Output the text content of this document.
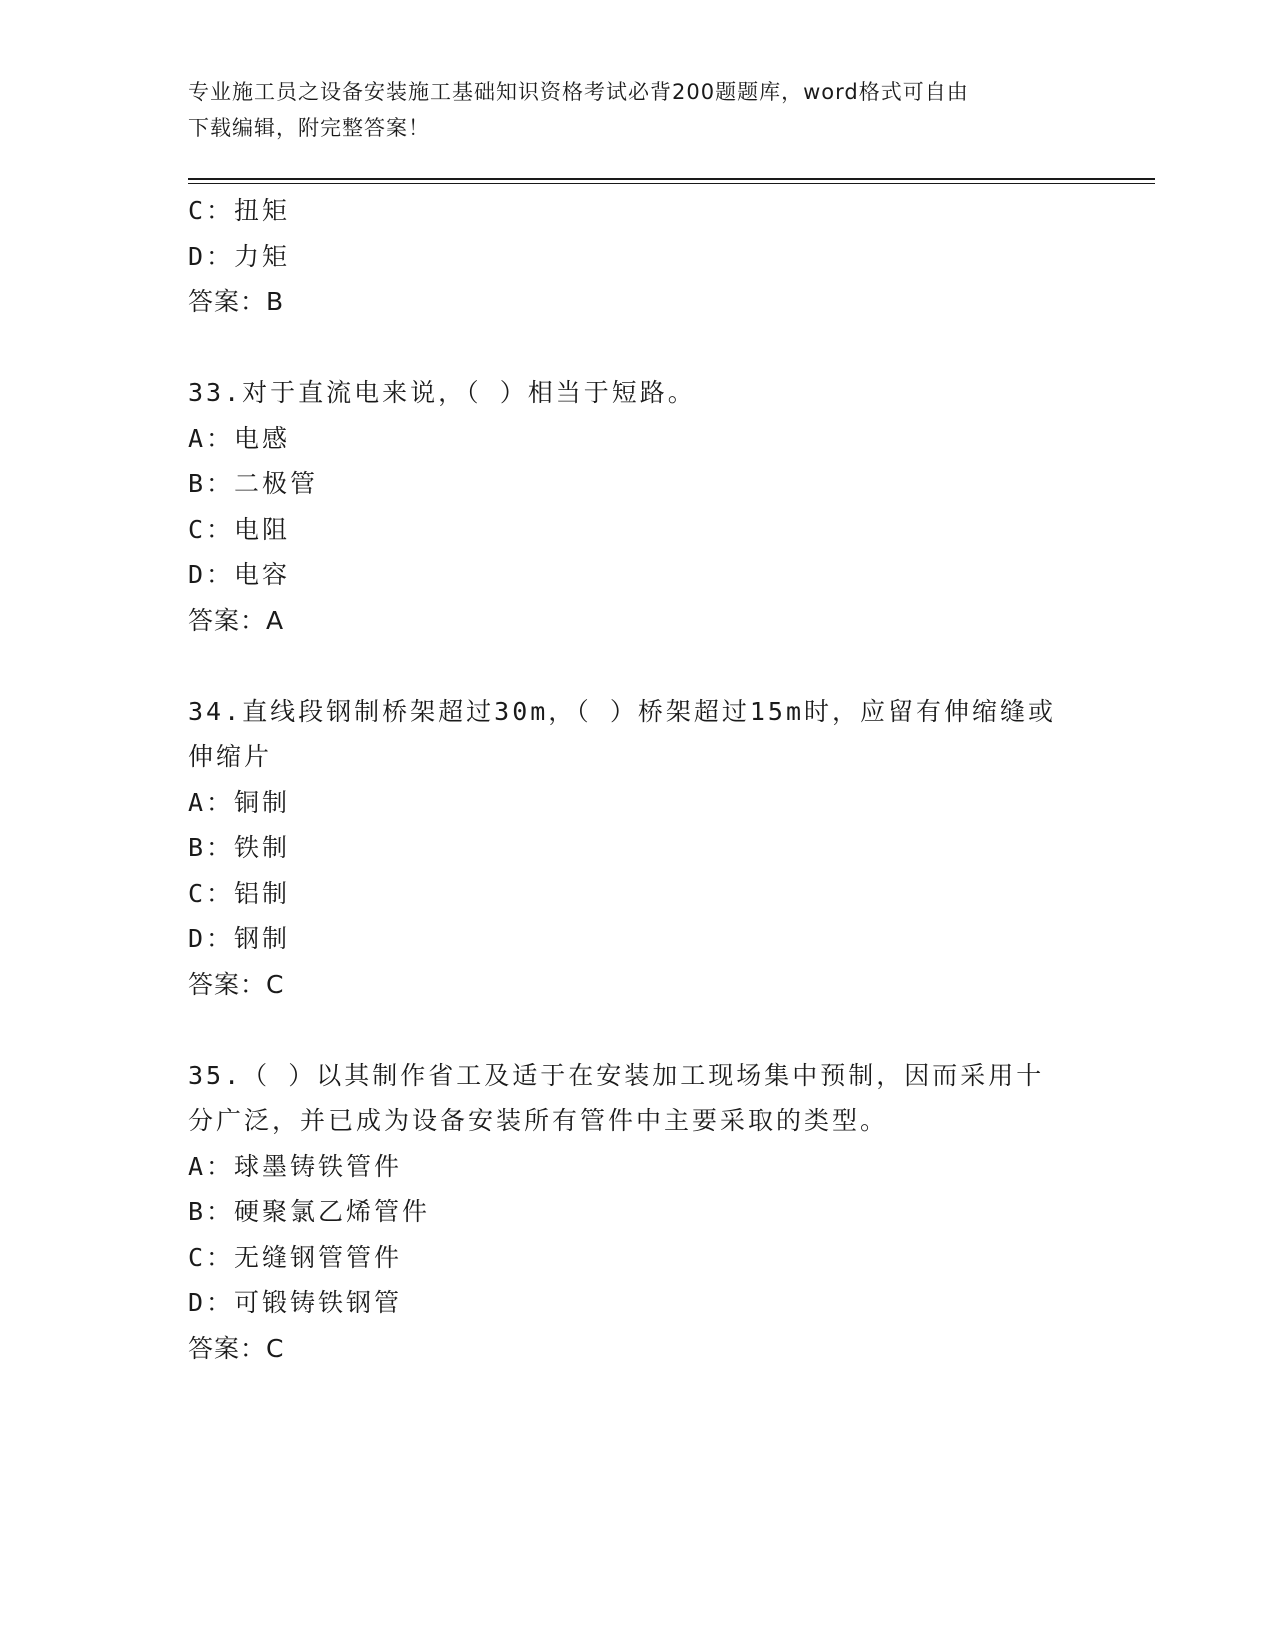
专业施工员之设备安装施工基础知识资格考试必背200题题库，word格式可自由
下载编辑，附完整答案！
C：扭矩
D：力矩
答案：B
33.对于直流电来说，（ ）相当于短路。
A：电感
B：二极管
C：电阻
D：电容
答案：A
34.直线段钢制桥架超过30m，（ ）桥架超过15m时，应留有伸缩缝或
伸缩片
A：铜制
B：铁制
C：铝制
D：钢制
答案：C
35.（ ）以其制作省工及适于在安装加工现场集中预制，因而采用十
分广泛，并已成为设备安装所有管件中主要采取的类型。
A：球墨铸铁管件
B：硬聚氯乙烯管件
C：无缝钢管管件
D：可锻铸铁钢管
答案：C
